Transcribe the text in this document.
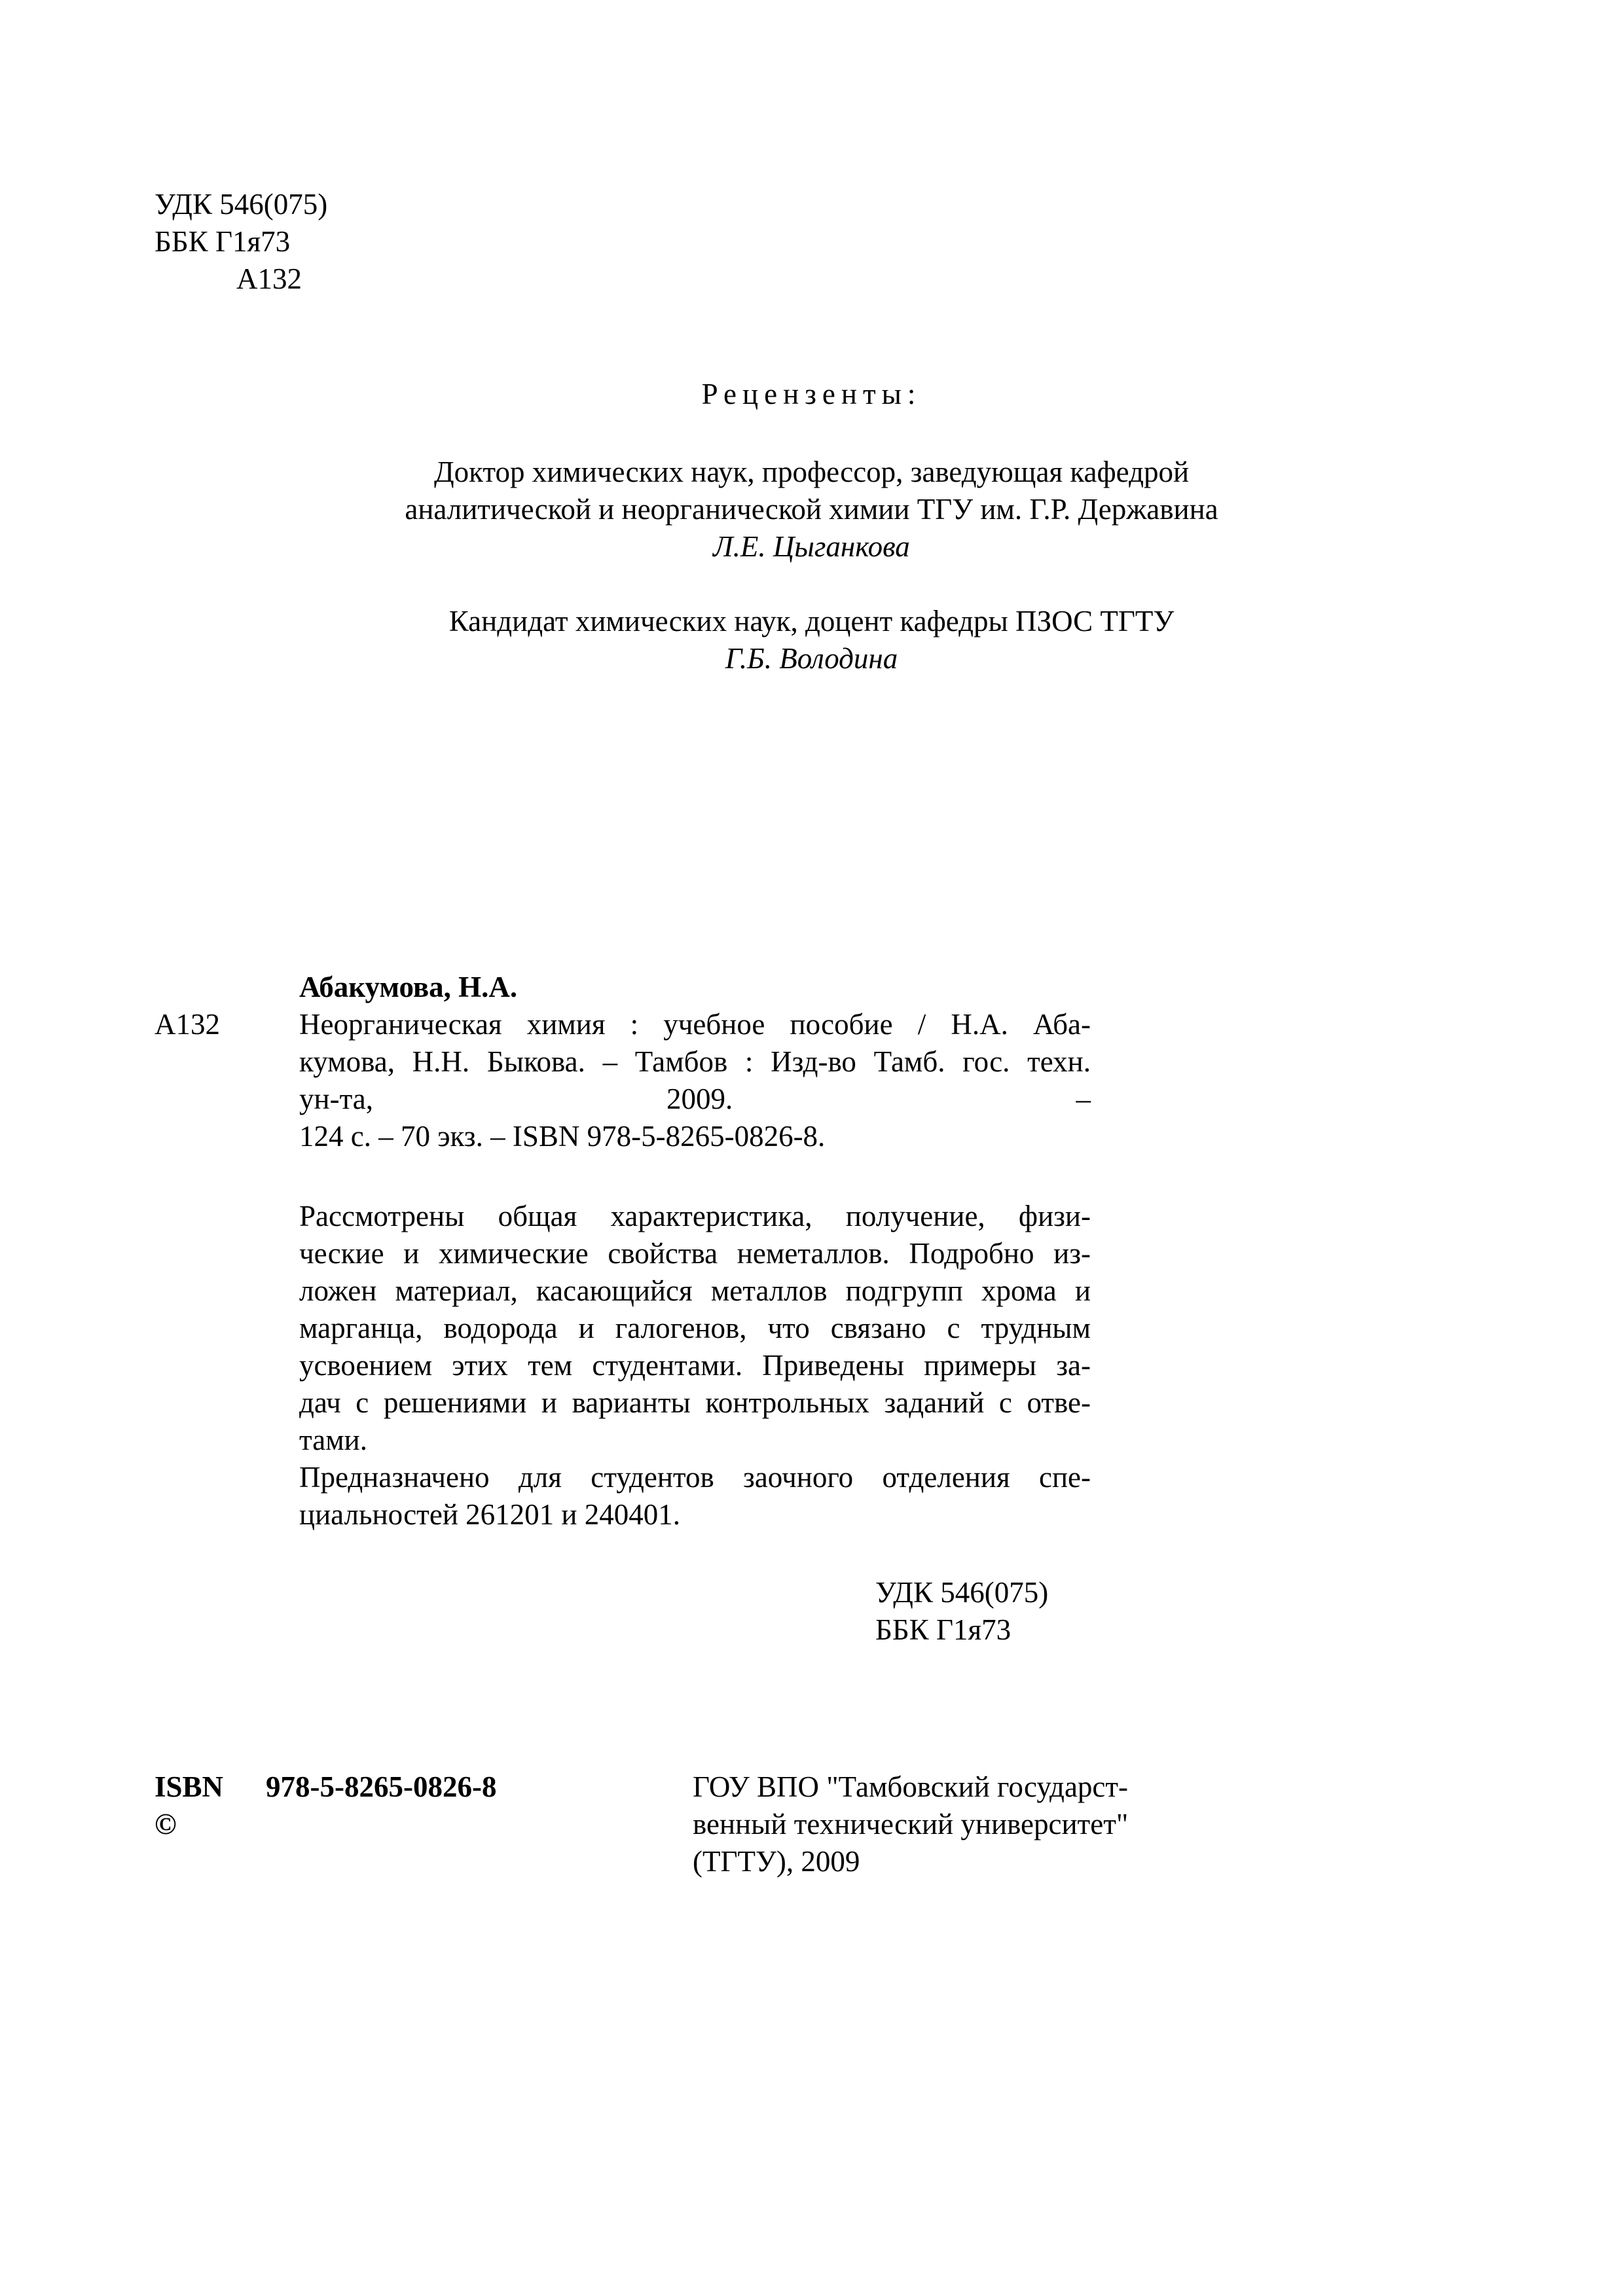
УДК 546(075)
ББК Г1я73
А132
Рецензенты:
Доктор химических наук, профессор, заведующая кафедрой
аналитической и неорганической химии ТГУ им. Г.Р. Державина
Л.Е. Цыганкова
Кандидат химических наук, доцент кафедры ПЗОС ТГТУ
Г.Б. Володина
Абакумова, Н.А.
А132	Неорганическая химия : учебное пособие / Н.А. Аба-
кумова, Н.Н. Быкова. – Тамбов : Изд-во Тамб. гос. техн.
ун-та,	2009.	–
124 с. – 70 экз. – ISBN 978-5-8265-0826-8.
Рассмотрены общая характеристика, получение, физи-
ческие и химические свойства неметаллов. Подробно из-
ложен материал, касающийся металлов подгрупп хрома и
марганца, водорода и галогенов, что связано с трудным
усвоением этих тем студентами. Приведены примеры за-
дач с решениями и варианты контрольных заданий с отве-
тами.
Предназначено для студентов заочного отделения спе-
циальностей 261201 и 240401.
УДК 546(075)
ББК Г1я73
ISBN 978-5-8265-0826-8
©
ГОУ ВПО "Тамбовский государст-
венный технический университет"
(ТГТУ), 2009
